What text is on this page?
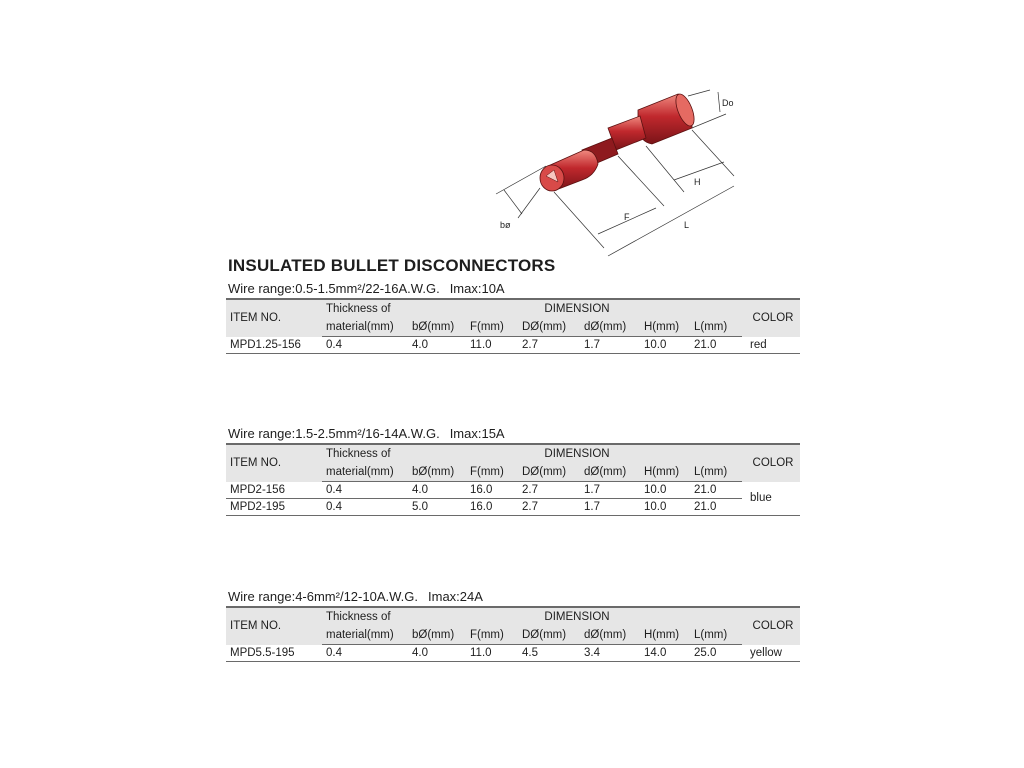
Do
H
bø
F
L
INSULATED BULLET DISCONNECTORS
Wire range:0.5-1.5mm²/22-16A.W.G. Imax:10A
ITEM NO.	Thickness of	DIMENSION						COLOR
	material(mm)	bØ(mm)	F(mm)	DØ(mm)	dØ(mm)	H(mm)	L(mm)	
MPD1.25-156	0.4	4.0	11.0	2.7	1.7	10.0	21.0	red
Wire range:1.5-2.5mm²/16-14A.W.G. Imax:15A
ITEM NO.	Thickness of	DIMENSION						COLOR
	material(mm)	bØ(mm)	F(mm)	DØ(mm)	dØ(mm)	H(mm)	L(mm)	
MPD2-156	0.4	4.0	16.0	2.7	1.7	10.0	21.0	blue
MPD2-195	0.4	5.0	16.0	2.7	1.7	10.0	21.0	
Wire range:4-6mm²/12-10A.W.G. Imax:24A
ITEM NO.	Thickness of	DIMENSION						COLOR
	material(mm)	bØ(mm)	F(mm)	DØ(mm)	dØ(mm)	H(mm)	L(mm)	
MPD5.5-195	0.4	4.0	11.0	4.5	3.4	14.0	25.0	yellow
